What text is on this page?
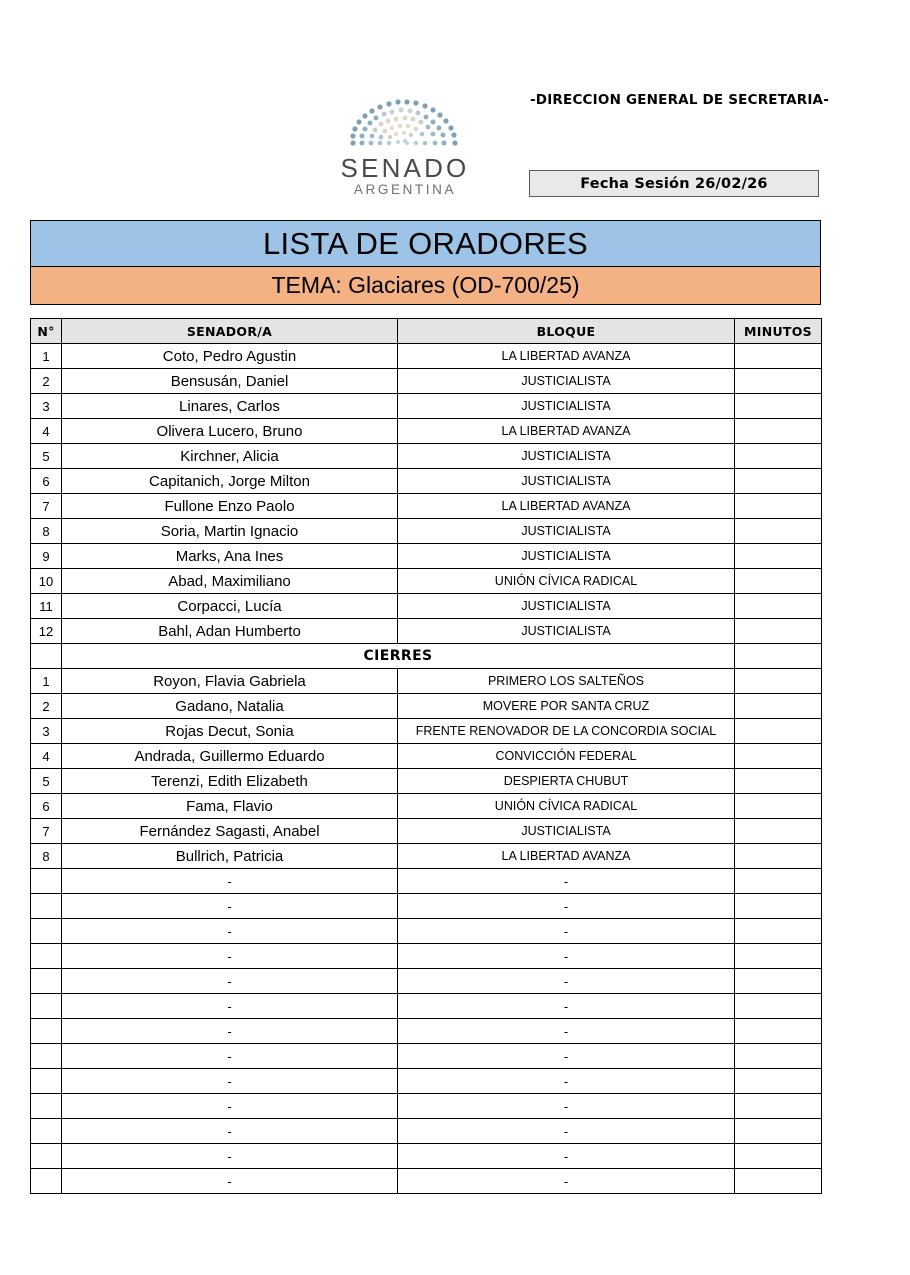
-DIRECCION GENERAL DE SECRETARIA-
SENADO
ARGENTINA	Fecha Sesión 26/02/26
LISTA DE ORADORES
TEMA: Glaciares (OD-700/25)
N°	SENADOR/A	BLOQUE	MINUTOS
1	Coto, Pedro Agustin	LA LIBERTAD AVANZA	
2	Bensusán, Daniel	JUSTICIALISTA	
3	Linares, Carlos	JUSTICIALISTA	
4	Olivera Lucero, Bruno	LA LIBERTAD AVANZA	
5	Kirchner, Alicia	JUSTICIALISTA	
6	Capitanich, Jorge Milton	JUSTICIALISTA	
7	Fullone Enzo Paolo	LA LIBERTAD AVANZA	
8	Soria, Martin Ignacio	JUSTICIALISTA	
9	Marks, Ana Ines	JUSTICIALISTA	
10	Abad, Maximiliano	UNIÓN CÍVICA RADICAL	
11	Corpacci, Lucía	JUSTICIALISTA	
12	Bahl, Adan Humberto	JUSTICIALISTA	
	CIERRES		
1	Royon, Flavia Gabriela	PRIMERO LOS SALTEÑOS	
2	Gadano, Natalia	MOVERE POR SANTA CRUZ	
3	Rojas Decut, Sonia	FRENTE RENOVADOR DE LA CONCORDIA SOCIAL	
4	Andrada, Guillermo Eduardo	CONVICCIÓN FEDERAL	
5	Terenzi, Edith Elizabeth	DESPIERTA CHUBUT	
6	Fama, Flavio	UNIÓN CÍVICA RADICAL	
7	Fernández Sagasti, Anabel	JUSTICIALISTA	
8	Bullrich, Patricia	LA LIBERTAD AVANZA	
	-	-	
	-	-	
	-	-	
	-	-	
	-	-	
	-	-	
	-	-	
	-	-	
	-	-	
	-	-	
	-	-	
	-	-	
	-	-	
